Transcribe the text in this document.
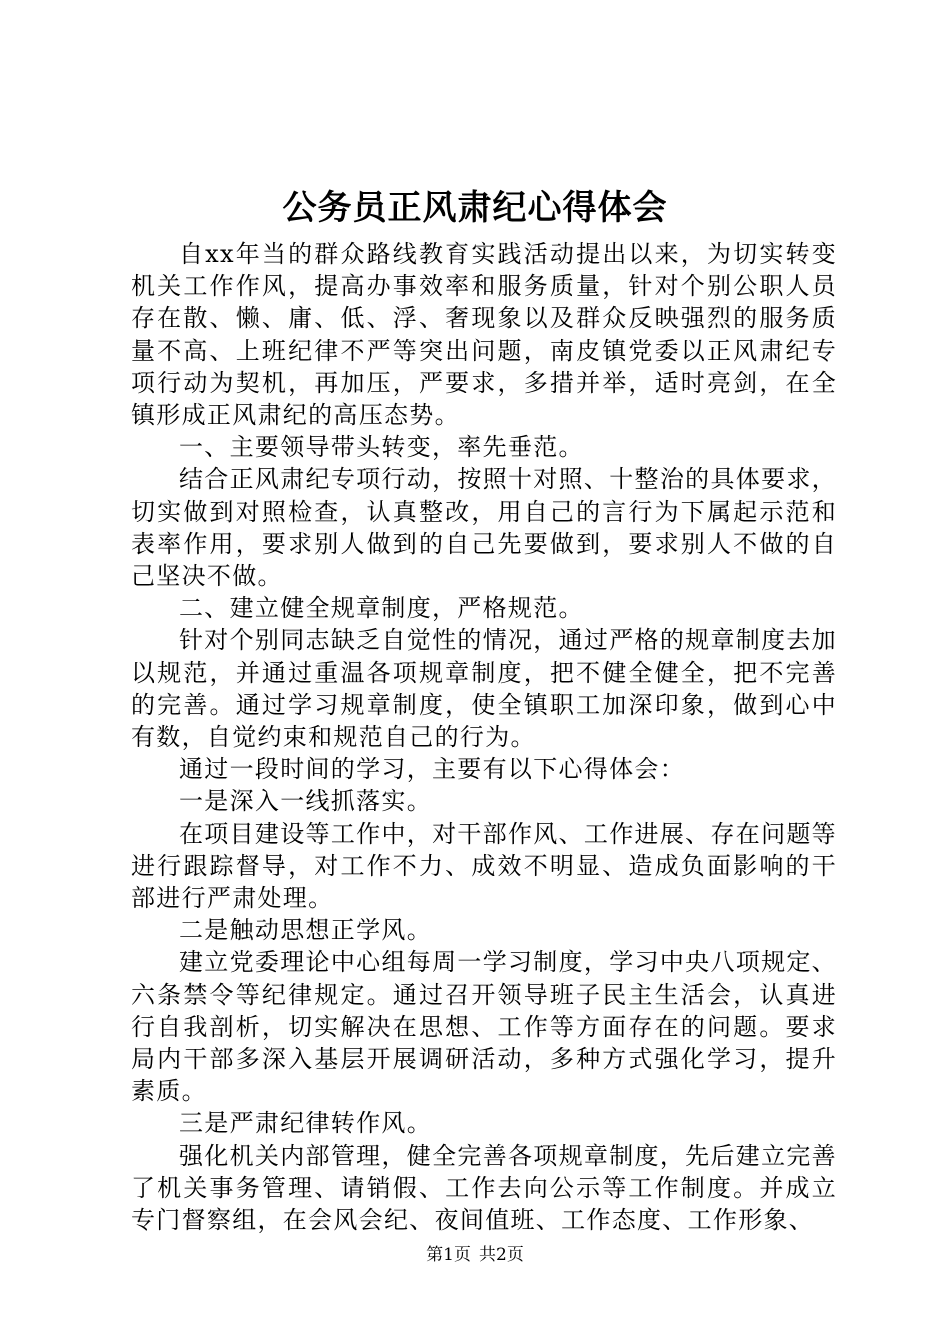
公务员正风肃纪心得体会

自xx年当的群众路线教育实践活动提出以来，为切实转变机关工作作风，提高办事效率和服务质量，针对个别公职人员存在散、懒、庸、低、浮、奢现象以及群众反映强烈的服务质量不高、上班纪律不严等突出问题，南皮镇党委以正风肃纪专项行动为契机，再加压，严要求，多措并举，适时亮剑，在全镇形成正风肃纪的高压态势。

一、主要领导带头转变，率先垂范。

结合正风肃纪专项行动，按照十对照、十整治的具体要求，切实做到对照检查，认真整改，用自己的言行为下属起示范和表率作用，要求别人做到的自己先要做到，要求别人不做的自己坚决不做。

二、建立健全规章制度，严格规范。

针对个别同志缺乏自觉性的情况，通过严格的规章制度去加以规范，并通过重温各项规章制度，把不健全健全，把不完善的完善。通过学习规章制度，使全镇职工加深印象，做到心中有数，自觉约束和规范自己的行为。

通过一段时间的学习，主要有以下心得体会：

一是深入一线抓落实。

在项目建设等工作中，对干部作风、工作进展、存在问题等进行跟踪督导，对工作不力、成效不明显、造成负面影响的干部进行严肃处理。

二是触动思想正学风。

建立党委理论中心组每周一学习制度，学习中央八项规定、六条禁令等纪律规定。通过召开领导班子民主生活会，认真进行自我剖析，切实解决在思想、工作等方面存在的问题。要求局内干部多深入基层开展调研活动，多种方式强化学习，提升素质。

三是严肃纪律转作风。

强化机关内部管理，健全完善各项规章制度，先后建立完善了机关事务管理、请销假、工作去向公示等工作制度。并成立专门督察组，在会风会纪、夜间值班、工作态度、工作形象、

第1页 共2页
